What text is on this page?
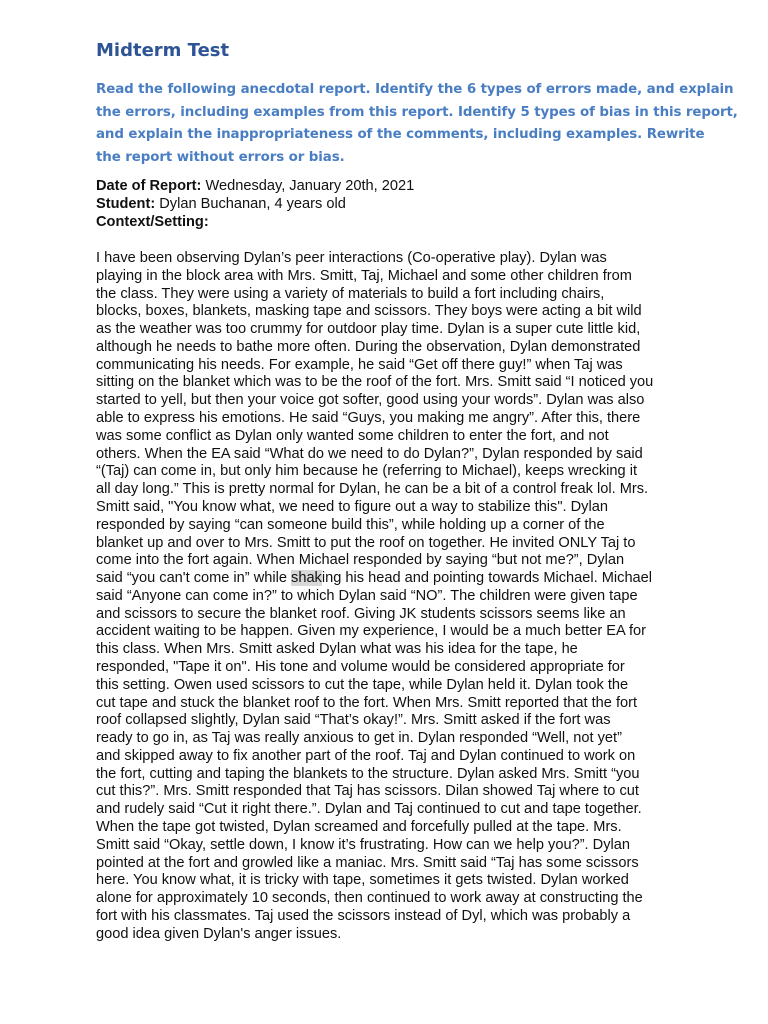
Midterm Test

Read the following anecdotal report. Identify the 6 types of errors made, and explain
the errors, including examples from this report. Identify 5 types of bias in this report,
and explain the inappropriateness of the comments, including examples. Rewrite
the report without errors or bias.

Date of Report: Wednesday, January 20th, 2021
Student: Dylan Buchanan, 4 years old
Context/Setting:
I have been observing Dylan’s peer interactions (Co-operative play). Dylan was
playing in the block area with Mrs. Smitt, Taj, Michael and some other children from
the class. They were using a variety of materials to build a fort including chairs,
blocks, boxes, blankets, masking tape and scissors. They boys were acting a bit wild
as the weather was too crummy for outdoor play time. Dylan is a super cute little kid,
although he needs to bathe more often. During the observation, Dylan demonstrated
communicating his needs. For example, he said “Get off there guy!” when Taj was
sitting on the blanket which was to be the roof of the fort. Mrs. Smitt said “I noticed you
started to yell, but then your voice got softer, good using your words”. Dylan was also
able to express his emotions. He said “Guys, you making me angry”. After this, there
was some conflict as Dylan only wanted some children to enter the fort, and not
others. When the EA said “What do we need to do Dylan?”, Dylan responded by said
“(Taj) can come in, but only him because he (referring to Michael), keeps wrecking it
all day long.” This is pretty normal for Dylan, he can be a bit of a control freak lol. Mrs.
Smitt said, "You know what, we need to figure out a way to stabilize this". Dylan
responded by saying “can someone build this”, while holding up a corner of the
blanket up and over to Mrs. Smitt to put the roof on together. He invited ONLY Taj to
come into the fort again. When Michael responded by saying “but not me?”, Dylan
said “you can't come in” while shaking his head and pointing towards Michael. Michael
said “Anyone can come in?” to which Dylan said “NO”. The children were given tape
and scissors to secure the blanket roof. Giving JK students scissors seems like an
accident waiting to be happen. Given my experience, I would be a much better EA for
this class. When Mrs. Smitt asked Dylan what was his idea for the tape, he
responded, "Tape it on". His tone and volume would be considered appropriate for
this setting. Owen used scissors to cut the tape, while Dylan held it. Dylan took the
cut tape and stuck the blanket roof to the fort. When Mrs. Smitt reported that the fort
roof collapsed slightly, Dylan said “That’s okay!”. Mrs. Smitt asked if the fort was
ready to go in, as Taj was really anxious to get in. Dylan responded “Well, not yet”
and skipped away to fix another part of the roof. Taj and Dylan continued to work on
the fort, cutting and taping the blankets to the structure. Dylan asked Mrs. Smitt “you
cut this?”. Mrs. Smitt responded that Taj has scissors. Dilan showed Taj where to cut
and rudely said “Cut it right there.”. Dylan and Taj continued to cut and tape together.
When the tape got twisted, Dylan screamed and forcefully pulled at the tape. Mrs.
Smitt said “Okay, settle down, I know it’s frustrating. How can we help you?”. Dylan
pointed at the fort and growled like a maniac. Mrs. Smitt said “Taj has some scissors
here. You know what, it is tricky with tape, sometimes it gets twisted. Dylan worked
alone for approximately 10 seconds, then continued to work away at constructing the
fort with his classmates. Taj used the scissors instead of Dyl, which was probably a
good idea given Dylan's anger issues.
